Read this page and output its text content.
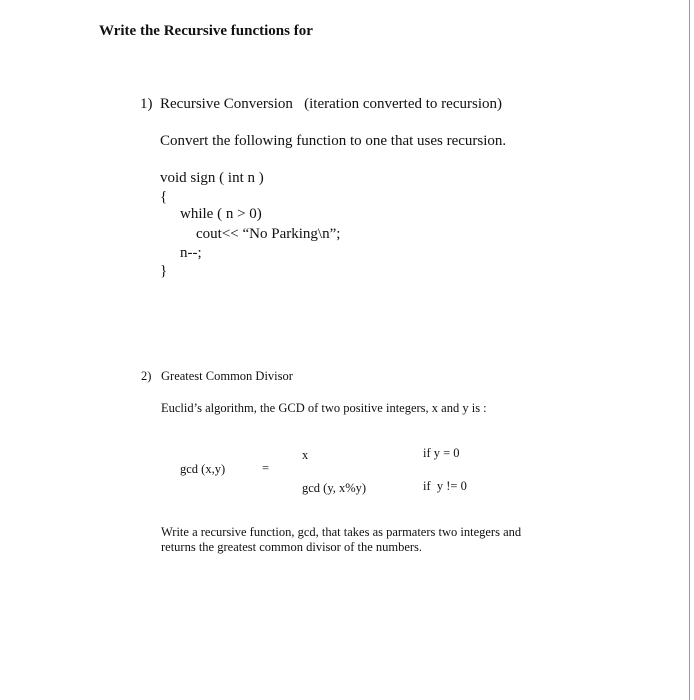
Write the Recursive functions for
1) Recursive Conversion   (iteration converted to recursion)
Convert the following function to one that uses recursion.
void sign ( int n )
{
while ( n > 0)
cout<< “No Parking\n”;
n--;
}
2) Greatest Common Divisor
Euclid’s algorithm, the GCD of two positive integers, x and y is :
x	if y = 0
gcd (x,y)	=
gcd (y, x%y)	if  y != 0
Write a recursive function, gcd, that takes as parmaters two integers and
returns the greatest common divisor of the numbers.
